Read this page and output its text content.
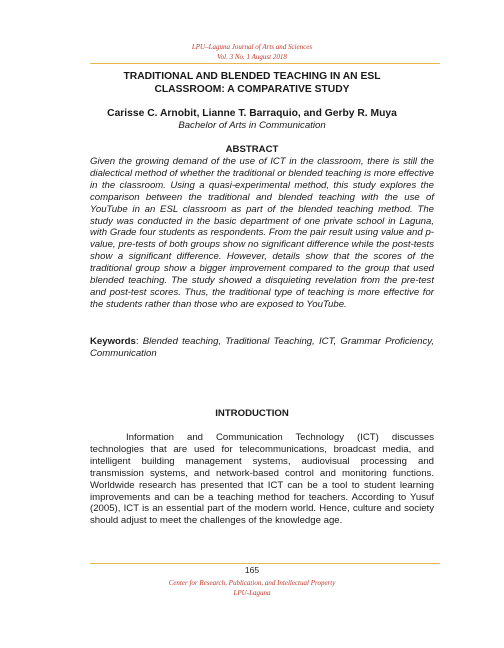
LPU–Laguna Journal of Arts and Sciences
Vol. 3 No. 1 August 2018
TRADITIONAL AND BLENDED TEACHING IN AN ESL
CLASSROOM: A COMPARATIVE STUDY
Carisse C. Arnobit, Lianne T. Barraquio, and Gerby R. Muya
Bachelor of Arts in Communication
ABSTRACT

Given the growing demand of the use of ICT in the classroom, there is still the dialectical method of whether the traditional or blended teaching is more effective in the classroom. Using a quasi-experimental method, this study explores the comparison between the traditional and blended teaching with the use of YouTube in an ESL classroom as part of the blended teaching method. The study was conducted in the basic department of one private school in Laguna, with Grade four students as respondents. From the pair result using value and p-value, pre-tests of both groups show no significant difference while the post-tests show a significant difference. However, details show that the scores of the traditional group show a bigger improvement compared to the group that used blended teaching. The study showed a disquieting revelation from the pre-test and post-test scores. Thus, the traditional type of teaching is more effective for the students rather than those who are exposed to YouTube.

Keywords: Blended teaching, Traditional Teaching, ICT, Grammar Proficiency, Communication

INTRODUCTION

Information and Communication Technology (ICT) discusses technologies that are used for telecommunications, broadcast media, and intelligent building management systems, audiovisual processing and transmission systems, and network-based control and monitoring functions. Worldwide research has presented that ICT can be a tool to student learning improvements and can be a teaching method for teachers. According to Yusuf (2005), ICT is an essential part of the modern world. Hence, culture and society should adjust to meet the challenges of the knowledge age.

165
Center for Research, Publication, and Intellectual Property
LPU-Laguna
